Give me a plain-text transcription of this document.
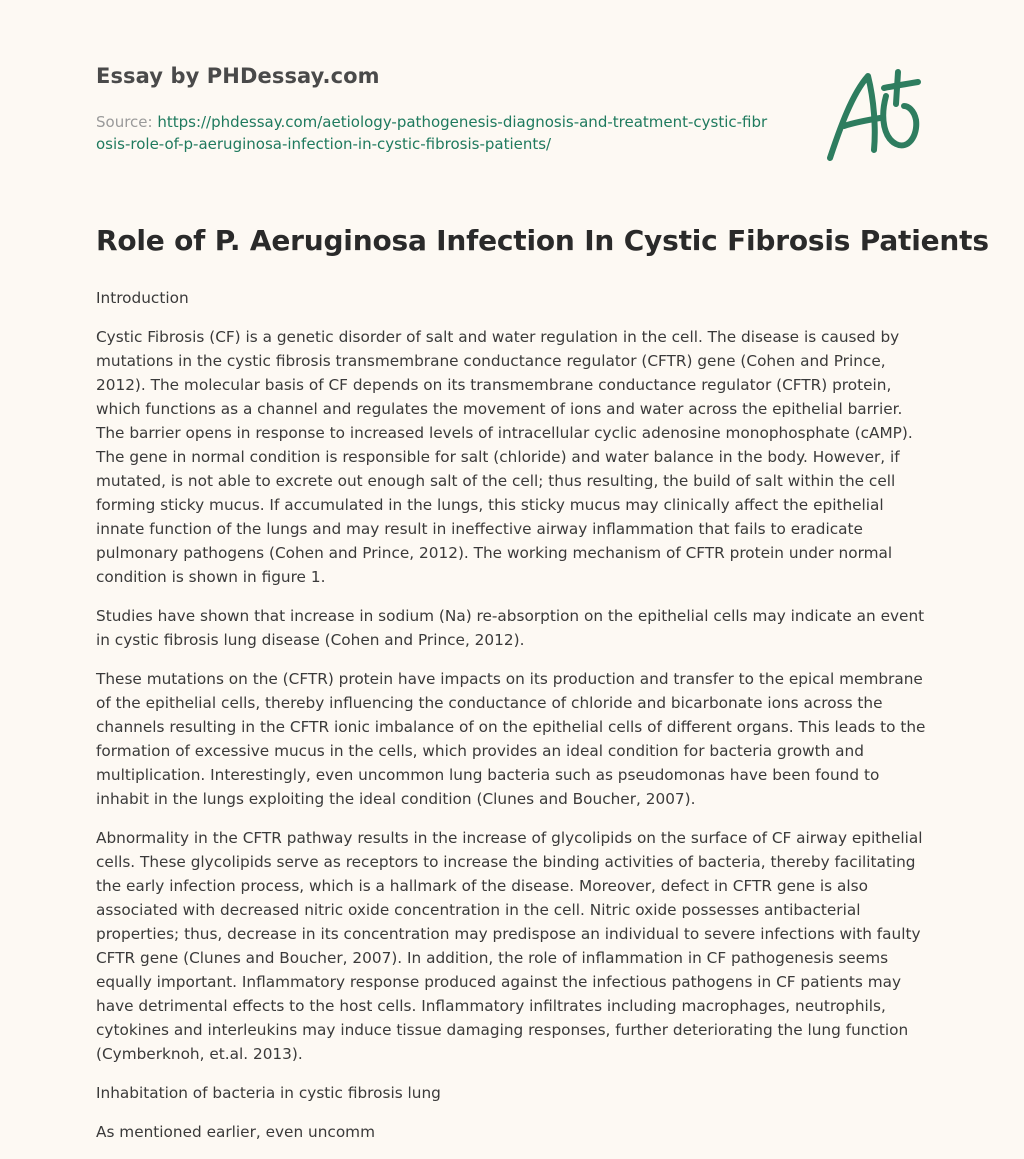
Essay by PHDessay.com
Source: https://phdessay.com/aetiology-pathogenesis-diagnosis-and-treatment-cystic-fibrosis-role-of-p-aeruginosa-infection-in-cystic-fibrosis-patients/
Role of P. Aeruginosa Infection In Cystic Fibrosis Patients

Introduction

Cystic Fibrosis (CF) is a genetic disorder of salt and water regulation in the cell. The disease is caused by mutations in the cystic fibrosis transmembrane conductance regulator (CFTR) gene (Cohen and Prince, 2012). The molecular basis of CF depends on its transmembrane conductance regulator (CFTR) protein, which functions as a channel and regulates the movement of ions and water across the epithelial barrier. The barrier opens in response to increased levels of intracellular cyclic adenosine monophosphate (cAMP). The gene in normal condition is responsible for salt (chloride) and water balance in the body. However, if mutated, is not able to excrete out enough salt of the cell; thus resulting, the build of salt within the cell forming sticky mucus. If accumulated in the lungs, this sticky mucus may clinically affect the epithelial innate function of the lungs and may result in ineffective airway inflammation that fails to eradicate pulmonary pathogens (Cohen and Prince, 2012). The working mechanism of CFTR protein under normal condition is shown in figure 1.

Studies have shown that increase in sodium (Na) re-absorption on the epithelial cells may indicate an event in cystic fibrosis lung disease (Cohen and Prince, 2012).

These mutations on the (CFTR) protein have impacts on its production and transfer to the epical membrane of the epithelial cells, thereby influencing the conductance of chloride and bicarbonate ions across the channels resulting in the CFTR ionic imbalance of on the epithelial cells of different organs. This leads to the formation of excessive mucus in the cells, which provides an ideal condition for bacteria growth and multiplication. Interestingly, even uncommon lung bacteria such as pseudomonas have been found to inhabit in the lungs exploiting the ideal condition (Clunes and Boucher, 2007).

Abnormality in the CFTR pathway results in the increase of glycolipids on the surface of CF airway epithelial cells. These glycolipids serve as receptors to increase the binding activities of bacteria, thereby facilitating the early infection process, which is a hallmark of the disease. Moreover, defect in CFTR gene is also associated with decreased nitric oxide concentration in the cell. Nitric oxide possesses antibacterial properties; thus, decrease in its concentration may predispose an individual to severe infections with faulty CFTR gene (Clunes and Boucher, 2007). In addition, the role of inflammation in CF pathogenesis seems equally important. Inflammatory response produced against the infectious pathogens in CF patients may have detrimental effects to the host cells. Inflammatory infiltrates including macrophages, neutrophils, cytokines and interleukins may induce tissue damaging responses, further deteriorating the lung function (Cymberknoh, et.al. 2013).

Inhabitation of bacteria in cystic fibrosis lung

As mentioned earlier, even uncomm
